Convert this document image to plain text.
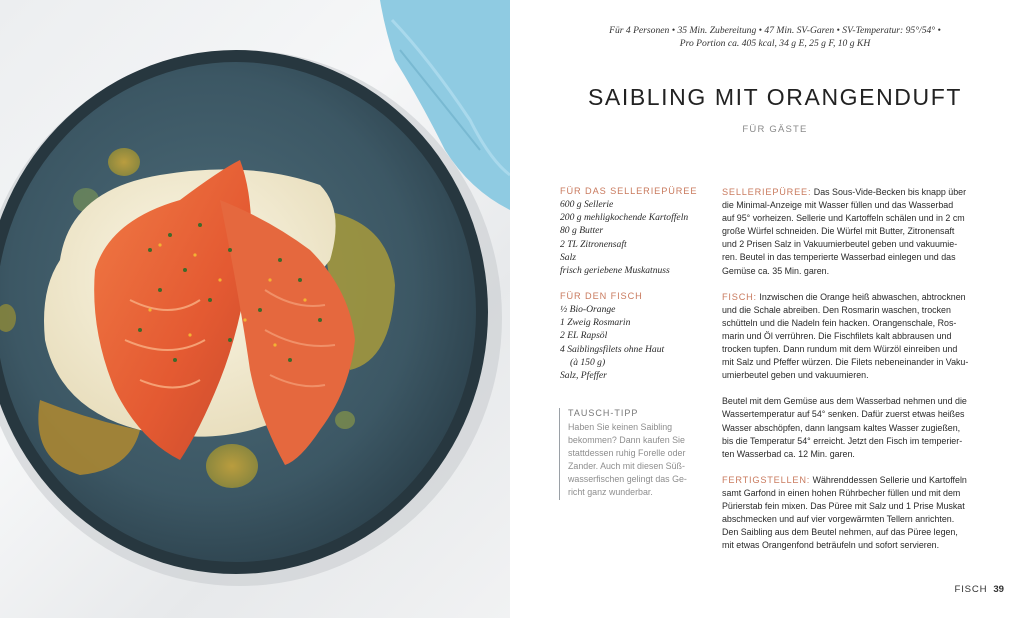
Für 4 Personen • 35 Min. Zubereitung • 47 Min. SV-Garen • SV-Temperatur: 95°/54° •
Pro Portion ca. 405 kcal, 34 g E, 25 g F, 10 g KH
SAIBLING MIT ORANGENDUFT
FÜR GÄSTE
FÜR DAS SELLERIEPÜREE
600 g Sellerie
200 g mehligkochende Kartoffeln
80 g Butter
2 TL Zitronensaft
Salz
frisch geriebene Muskatnuss
FÜR DEN FISCH
½ Bio-Orange
1 Zweig Rosmarin
2 EL Rapsöl
4 Saiblingsfilets ohne Haut
(à 150 g)
Salz, Pfeffer
TAUSCH-TIPP
Haben Sie keinen Saibling
bekommen? Dann kaufen Sie
stattdessen ruhig Forelle oder
Zander. Auch mit diesen Süß-
wasserfischen gelingt das Ge-
richt ganz wunderbar.
SELLERIEPÜREE: Das Sous-Vide-Becken bis knapp über
die Minimal-Anzeige mit Wasser füllen und das Wasserbad
auf 95° vorheizen. Sellerie und Kartoffeln schälen und in 2 cm
große Würfel schneiden. Die Würfel mit Butter, Zitronensaft
und 2 Prisen Salz in Vakuumierbeutel geben und vakuumie-
ren. Beutel in das temperierte Wasserbad einlegen und das
Gemüse ca. 35 Min. garen.
FISCH: Inzwischen die Orange heiß abwaschen, abtrocknen
und die Schale abreiben. Den Rosmarin waschen, trocken
schütteln und die Nadeln fein hacken. Orangenschale, Ros-
marin und Öl verrühren. Die Fischfilets kalt abbrausen und
trocken tupfen. Dann rundum mit dem Würzöl einreiben und
mit Salz und Pfeffer würzen. Die Filets nebeneinander in Vaku-
umierbeutel geben und vakuumieren.
Beutel mit dem Gemüse aus dem Wasserbad nehmen und die
Wassertemperatur auf 54° senken. Dafür zuerst etwas heißes
Wasser abschöpfen, dann langsam kaltes Wasser zugießen,
bis die Temperatur 54° erreicht. Jetzt den Fisch im temperier-
ten Wasserbad ca. 12 Min. garen.
FERTIGSTELLEN: Währenddessen Sellerie und Kartoffeln
samt Garfond in einen hohen Rührbecher füllen und mit dem
Pürierstab fein mixen. Das Püree mit Salz und 1 Prise Muskat
abschmecken und auf vier vorgewärmten Tellern anrichten.
Den Saibling aus dem Beutel nehmen, auf das Püree legen,
mit etwas Orangenfond beträufeln und sofort servieren.
FISCH 39
